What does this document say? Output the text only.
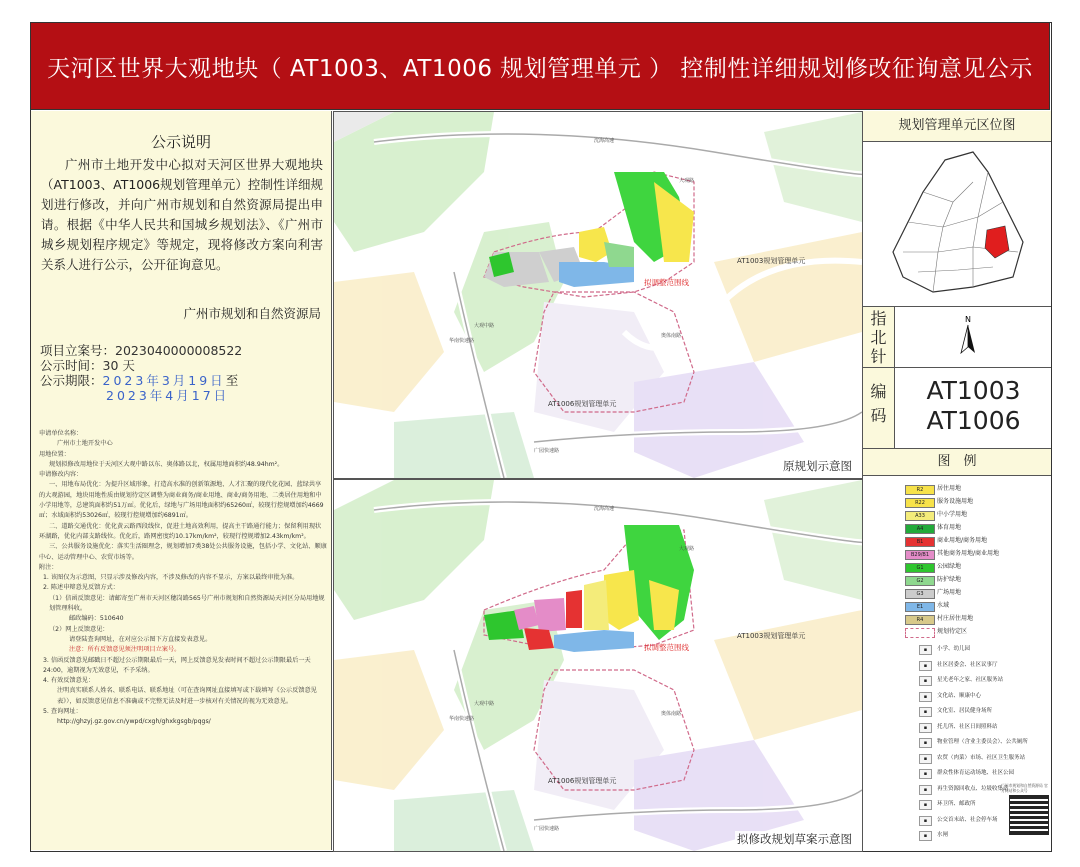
天河区世界大观地块（ AT1003、AT1006 规划管理单元 ） 控制性详细规划修改征询意见公示
公示说明
广州市土地开发中心拟对天河区世界大观地块（AT1003、AT1006规划管理单元）控制性详细规划进行修改，并向广州市规划和自然资源局提出申请。根据《中华人民共和国城乡规划法》、《广州市城乡规划程序规定》等规定，现将修改方案向利害关系人进行公示，公开征询意见。
广州市规划和自然资源局
项目立案号：2023040000008522
公示时间：30 天
公示期限：2023年3月19日至
2023年4月17日

申请单位名称：

广州市土地开发中心

用地位置：

规划拟修改用地位于天河区大观中路以东、奥体路以北，权属用地面积约48.94hm²。

申请修改内容：

一、用地布局优化：为提升区域形象，打造高水准的创新策源地、人才汇聚的现代化花园、蓝绿共享的大观游园，地块用地性质由规划待定区调整为商业商务/商业用地、商业/商务用地、二类居住用地和中小学用地等，总建筑面积约51万㎡。优化后，绿地与广场用地面积约65260㎡，较现行控规增加约4669㎡；水域面积约53026㎡，较现行控规增加约6891㎡。

二、道路交通优化：优化黄云路西段线位，促进土地高效利用，提高主干路通行能力；保留利用现状环湖路，优化内部支路线位。优化后，路网密度约10.17km/km²，较现行控规增加2.43km/km²。

三、公共服务设施优化：落实生活圈理念，规划增加7类38处公共服务设施，包括小学、文化站、顺康中心、运动管理中心、农贸市场等。

附注：

1. 该图仅为示意图，只显示涉及修改内容，不涉及修改的内容不显示，方案以最终审批为准。

2. 陈述申辩意见反馈方式：

（1）信函反馈意见：请邮寄至广州市天河区穗岗路565号广州市规划和自然资源局天河区分局用地规划管理科收。

邮政编码：510640

（2）网上反馈意见：

请登陆查询网址，在对应公示图下方直接发表意见。

注意：所有反馈意见须注明项目立案号。

3. 信函反馈意见邮戳日不超过公示期限最后一天，网上反馈意见发表时间不超过公示期限最后一天24:00，逾期视为无效意见，不予采纳。

4. 有效反馈意见：

注明真实联系人姓名、联系电话、联系地址（可在查询网址直接填写或下载填写《公示反馈意见表》），如反馈意见信息不准确或不完整无法及时进一步核对有关情况的视为无效意见。

5. 查询网址：

http://ghzyj.gz.gov.cn/ywpd/cxgh/ghxkgsgb/pqgs/

AT1003规划管理单元
AT1006规划管理单元
拟调整范围线
沈海高速
大观路
奥体南路
广园快速路
大观中路
华南快速路
原规划示意图
AT1003规划管理单元
AT1006规划管理单元
拟调整范围线
沈海高速
大观路
奥体南路
广园快速路
大观中路
华南快速路
拟修改规划草案示意图
规划管理单元区位图
指北针
N
编码
AT1003
AT1006
图　例
R2	居住用地
R22	服务设施用地
A33	中小学用地
A4	体育用地
B1	商业用地/商务用地
B29/B1	其他商务用地/商业用地
G1	公园绿地
G2	防护绿地
G3	广场用地
E1	水域
R4	村庄居住用地
规划待定区
▪	小学、幼儿园
▪	社区居委会、社区议事厅
▪	星光老年之家、社区服务站
▪	文化站、顺康中心
▪	文化室、居民健身场所
▪	托儿所、社区日间照料站
▪	物业管理（含业主委员会）、公共厕所
▪	农贸（肉菜）市场、社区卫生服务站
▪	群众性体育运动场地、社区公园
▪	再生资源回收点、垃圾收集站
▪	环卫所、邮政所
▪	公交首末站、社会停车场
▪	水闸
广州市规划和自然资源局 官方网站和公众号
